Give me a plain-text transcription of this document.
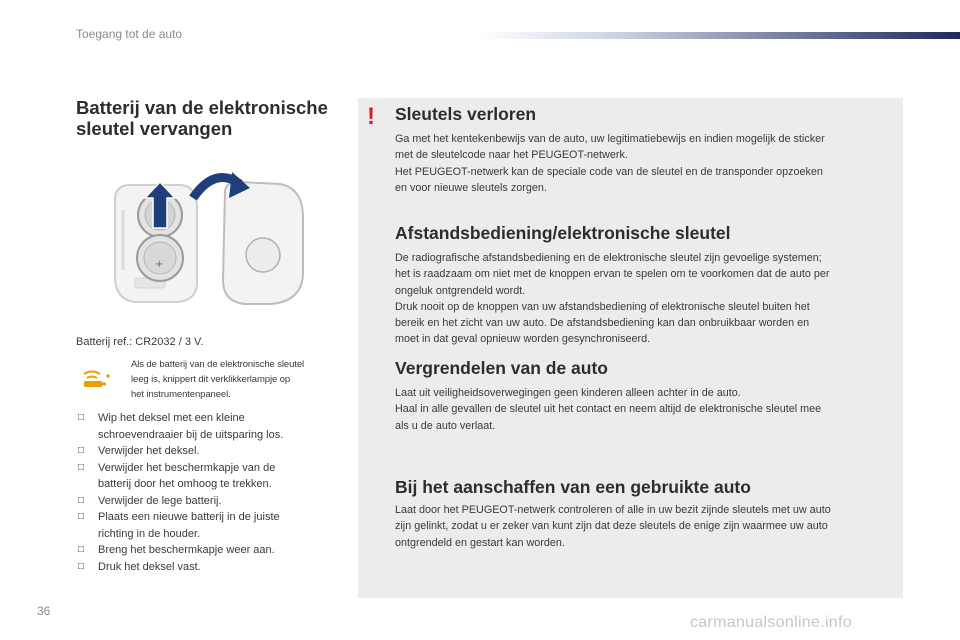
Toegang tot de auto
Batterij van de elektronische
sleutel vervangen
+
Batterij ref.: CR2032 / 3 V.
Als de batterij van de elektronische sleutel
leeg is, knippert dit verklikkerlampje op
het instrumentenpaneel.
□ Wip het deksel met een kleine
schroevendraaier bij de uitsparing los.
□ Verwijder het deksel.
□ Verwijder het beschermkapje van de
batterij door het omhoog te trekken.
□ Verwijder de lege batterij.
□ Plaats een nieuwe batterij in de juiste
richting in de houder.
□ Breng het beschermkapje weer aan.
□ Druk het deksel vast.
! Sleutels verloren

Ga met het kentekenbewijs van de auto, uw legitimatiebewijs en indien mogelijk de sticker

met de sleutelcode naar het PEUGEOT-netwerk.

Het PEUGEOT-netwerk kan de speciale code van de sleutel en de transponder opzoeken

en voor nieuwe sleutels zorgen.

Afstandsbediening/elektronische sleutel

De radiografische afstandsbediening en de elektronische sleutel zijn gevoelige systemen;

het is raadzaam om niet met de knoppen ervan te spelen om te voorkomen dat de auto per

ongeluk ontgrendeld wordt.

Druk nooit op de knoppen van uw afstandsbediening of elektronische sleutel buiten het

bereik en het zicht van uw auto. De afstandsbediening kan dan onbruikbaar worden en

moet in dat geval opnieuw worden gesynchroniseerd.

Vergrendelen van de auto

Laat uit veiligheidsoverwegingen geen kinderen alleen achter in de auto.

Haal in alle gevallen de sleutel uit het contact en neem altijd de elektronische sleutel mee

als u de auto verlaat.

Bij het aanschaffen van een gebruikte auto

Laat door het PEUGEOT-netwerk controleren of alle in uw bezit zijnde sleutels met uw auto

zijn gelinkt, zodat u er zeker van kunt zijn dat deze sleutels de enige zijn waarmee uw auto

ontgrendeld en gestart kan worden.

36
carmanualsonline.info
